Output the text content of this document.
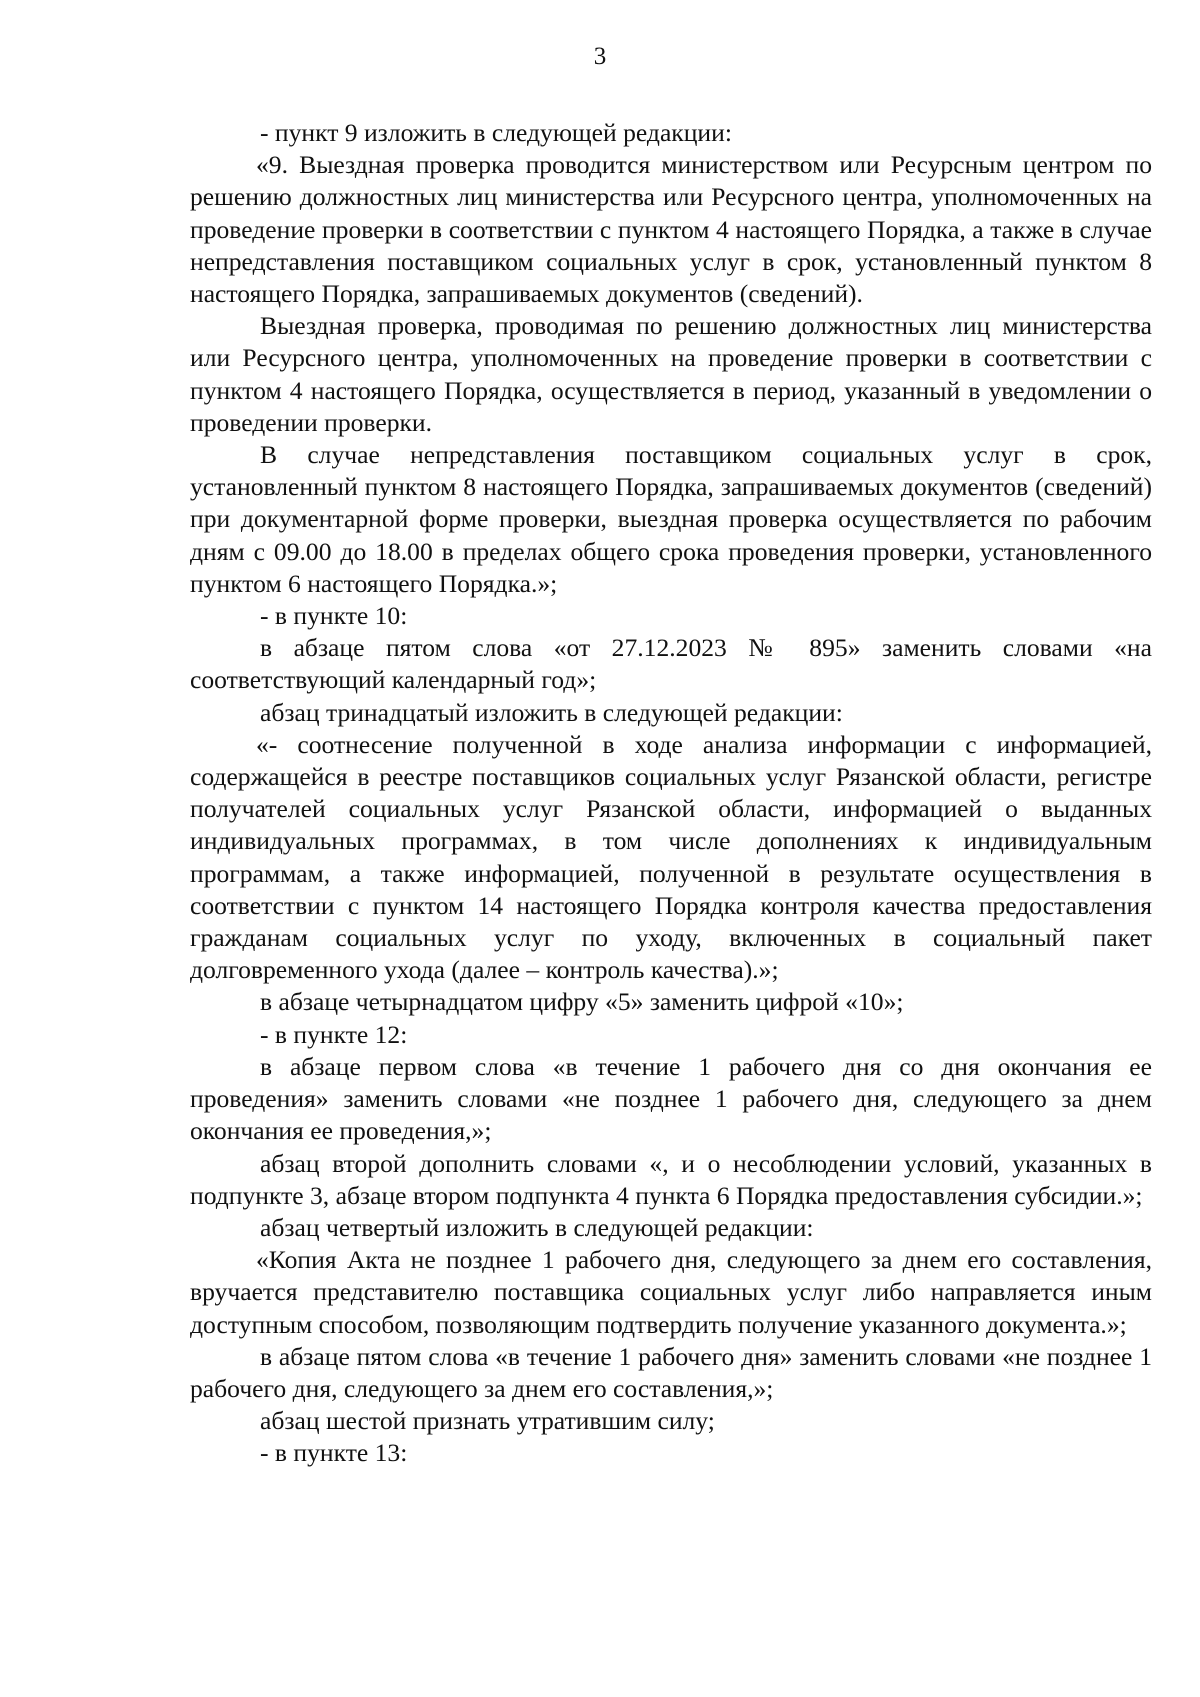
3

- пункт 9 изложить в следующей редакции:

«9. Выездная проверка проводится министерством или Ресурсным центром по решению должностных лиц министерства или Ресурсного центра, уполномоченных на проведение проверки в соответствии с пунктом 4 настоящего Порядка, а также в случае непредставления поставщиком социальных услуг в срок, установленный пунктом 8 настоящего Порядка, запрашиваемых документов (сведений).

Выездная проверка, проводимая по решению должностных лиц министерства или Ресурсного центра, уполномоченных на проведение проверки в соответствии с пунктом 4 настоящего Порядка, осуществляется в период, указанный в уведомлении о проведении проверки.

В случае непредставления поставщиком социальных услуг в срок, установленный пунктом 8 настоящего Порядка, запрашиваемых документов (сведений) при документарной форме проверки, выездная проверка осуществляется по рабочим дням с 09.00 до 18.00 в пределах общего срока проведения проверки, установленного пунктом 6 настоящего Порядка.»;

- в пункте 10:

в абзаце пятом слова «от 27.12.2023 № 895» заменить словами «на соответствующий календарный год»;

абзац тринадцатый изложить в следующей редакции:

«- соотнесение полученной в ходе анализа информации с информацией, содержащейся в реестре поставщиков социальных услуг Рязанской области, регистре получателей социальных услуг Рязанской области, информацией о выданных индивидуальных программах, в том числе дополнениях к индивидуальным программам, а также информацией, полученной в результате осуществления в соответствии с пунктом 14 настоящего Порядка контроля качества предоставления гражданам социальных услуг по уходу, включенных в социальный пакет долговременного ухода (далее – контроль качества).»;

в абзаце четырнадцатом цифру «5» заменить цифрой «10»;

- в пункте 12:

в абзаце первом слова «в течение 1 рабочего дня со дня окончания ее проведения» заменить словами «не позднее 1 рабочего дня, следующего за днем окончания ее проведения,»;

абзац второй дополнить словами «, и о несоблюдении условий, указанных в подпункте 3, абзаце втором подпункта 4 пункта 6 Порядка предоставления субсидии.»;

абзац четвертый изложить в следующей редакции:

«Копия Акта не позднее 1 рабочего дня, следующего за днем его составления, вручается представителю поставщика социальных услуг либо направляется иным доступным способом, позволяющим подтвердить получение указанного документа.»;

в абзаце пятом слова «в течение 1 рабочего дня» заменить словами «не позднее 1 рабочего дня, следующего за днем его составления,»;

абзац шестой признать утратившим силу;

- в пункте 13:
